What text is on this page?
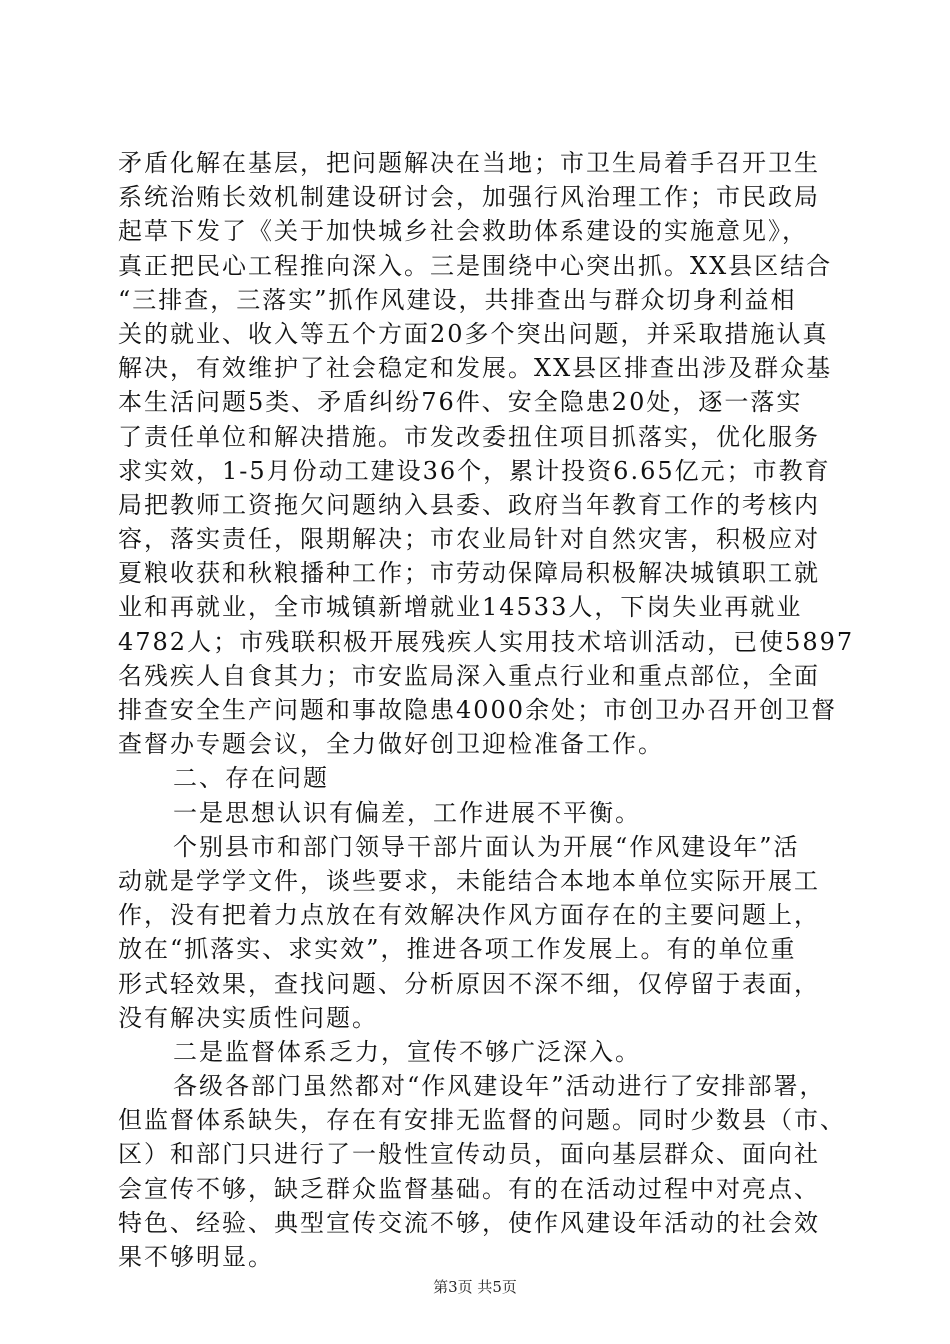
矛盾化解在基层，把问题解决在当地；市卫生局着手召开卫生
系统治贿长效机制建设研讨会，加强行风治理工作；市民政局
起草下发了《关于加快城乡社会救助体系建设的实施意见》，
真正把民心工程推向深入。三是围绕中心突出抓。XX县区结合
“三排查，三落实”抓作风建设，共排查出与群众切身利益相
关的就业、收入等五个方面20多个突出问题，并采取措施认真
解决，有效维护了社会稳定和发展。XX县区排查出涉及群众基
本生活问题5类、矛盾纠纷76件、安全隐患20处，逐一落实
了责任单位和解决措施。市发改委扭住项目抓落实，优化服务
求实效，1-5月份动工建设36个，累计投资6.65亿元；市教育
局把教师工资拖欠问题纳入县委、政府当年教育工作的考核内
容，落实责任，限期解决；市农业局针对自然灾害，积极应对
夏粮收获和秋粮播种工作；市劳动保障局积极解决城镇职工就
业和再就业，全市城镇新增就业14533人，下岗失业再就业
4782人；市残联积极开展残疾人实用技术培训活动，已使5897
名残疾人自食其力；市安监局深入重点行业和重点部位，全面
排查安全生产问题和事故隐患4000余处；市创卫办召开创卫督
查督办专题会议，全力做好创卫迎检准备工作。
二、存在问题
一是思想认识有偏差，工作进展不平衡。
个别县市和部门领导干部片面认为开展“作风建设年”活
动就是学学文件，谈些要求，未能结合本地本单位实际开展工
作，没有把着力点放在有效解决作风方面存在的主要问题上，
放在“抓落实、求实效”，推进各项工作发展上。有的单位重
形式轻效果，查找问题、分析原因不深不细，仅停留于表面，
没有解决实质性问题。
二是监督体系乏力，宣传不够广泛深入。
各级各部门虽然都对“作风建设年”活动进行了安排部署，
但监督体系缺失，存在有安排无监督的问题。同时少数县（市、
区）和部门只进行了一般性宣传动员，面向基层群众、面向社
会宣传不够，缺乏群众监督基础。有的在活动过程中对亮点、
特色、经验、典型宣传交流不够，使作风建设年活动的社会效
果不够明显。
第3页 共5页
